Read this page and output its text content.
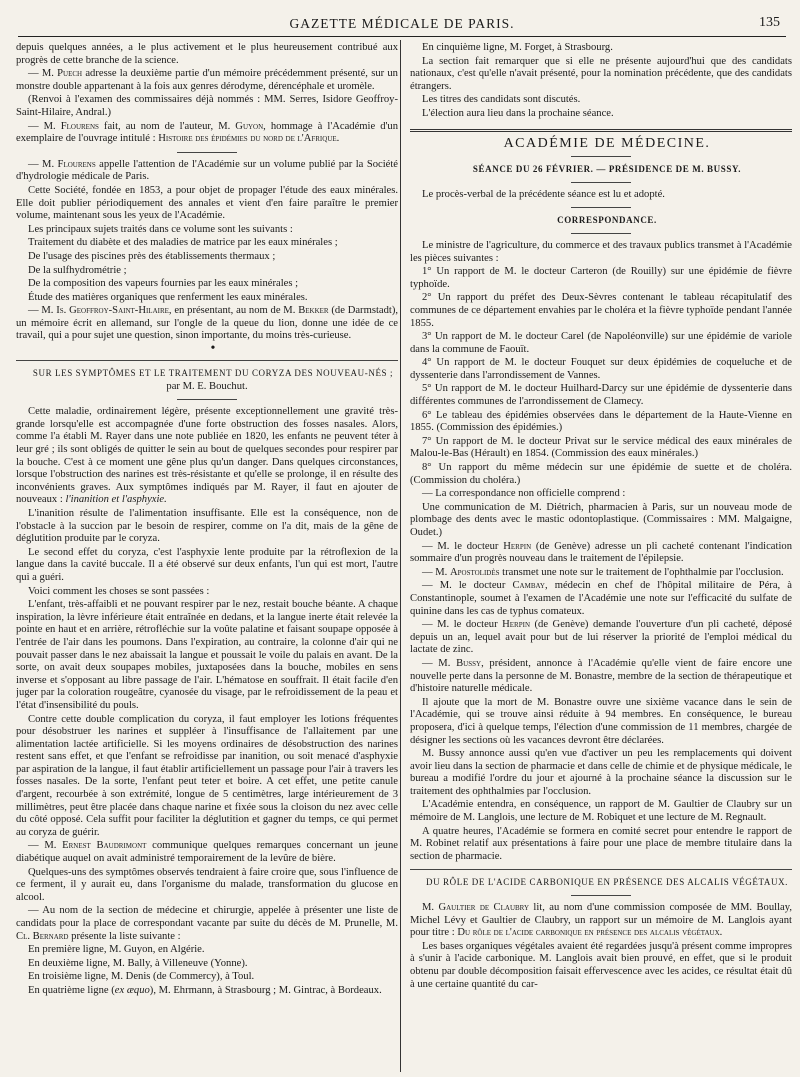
GAZETTE MÉDICALE DE PARIS.	135

depuis quelques années, a le plus activement et le plus heureusement contribué aux progrès de cette branche de la science.

— M. Puech adresse la deuxième partie d'un mémoire précédemment présenté, sur un monstre double appartenant à la fois aux genres dérodyme, dérencéphale et uromèle.

(Renvoi à l'examen des commissaires déjà nommés : MM. Serres, Isidore Geoffroy-Saint-Hilaire, Andral.)

— M. Flourens fait, au nom de l'auteur, M. Guyon, hommage à l'Académie d'un exemplaire de l'ouvrage intitulé : Histoire des épidémies du nord de l'Afrique.

— M. Flourens appelle l'attention de l'Académie sur un volume publié par la Société d'hydrologie médicale de Paris.

Cette Société, fondée en 1853, a pour objet de propager l'étude des eaux minérales. Elle doit publier périodiquement des annales et vient d'en faire paraître le premier volume, maintenant sous les yeux de l'Académie.

Les principaux sujets traités dans ce volume sont les suivants :

Traitement du diabète et des maladies de matrice par les eaux minérales ;

De l'usage des piscines près des établissements thermaux ;

De la sulfhydrométrie ;

De la composition des vapeurs fournies par les eaux minérales ;

Étude des matières organiques que renferment les eaux minérales.

— M. Is. Geoffroy-Saint-Hilaire, en présentant, au nom de M. Bekker (de Darmstadt), un mémoire écrit en allemand, sur l'ongle de la queue du lion, donne une idée de ce travail, qui a pour sujet une question, sinon importante, du moins très-curieuse.

•

SUR LES SYMPTÔMES ET LE TRAITEMENT DU CORYZA DES NOUVEAU-NÉS ;

par M. E. Bouchut.

Cette maladie, ordinairement légère, présente exceptionnellement une gravité très-grande lorsqu'elle est accompagnée d'une forte obstruction des fosses nasales. Alors, comme l'a établi M. Rayer dans une note publiée en 1820, les enfants ne peuvent téter à leur gré ; ils sont obligés de quitter le sein au bout de quelques secondes pour respirer par la bouche. C'est à ce moment une gêne plus qu'un danger. Dans quelques circonstances, lorsque l'obstruction des narines est très-résistante et qu'elle se prolonge, il en résulte des inconvénients graves. Aux symptômes indiqués par M. Rayer, il faut en ajouter de nouveaux : l'inanition et l'asphyxie.

L'inanition résulte de l'alimentation insuffisante. Elle est la conséquence, non de l'obstacle à la succion par le besoin de respirer, comme on l'a dit, mais de la gêne de déglutition produite par le coryza.

Le second effet du coryza, c'est l'asphyxie lente produite par la rétroflexion de la langue dans la cavité buccale. Il a été observé sur deux enfants, l'un qui est mort, l'autre qui a guéri.

Voici comment les choses se sont passées :

L'enfant, très-affaibli et ne pouvant respirer par le nez, restait bouche béante. A chaque inspiration, la lèvre inférieure était entraînée en dedans, et la langue inerte était relevée la pointe en haut et en arrière, rétrofléchie sur la voûte palatine et faisant soupape opposée à l'entrée de l'air dans les poumons. Dans l'expiration, au contraire, la colonne d'air qui ne pouvait passer dans le nez abaissait la langue et poussait le voile du palais en avant. De la sorte, on avait deux soupapes mobiles, juxtaposées dans la bouche, mobiles en sens inverse et s'opposant au libre passage de l'air. L'hématose en souffrait. Il était facile d'en juger par la coloration rougeâtre, cyanosée du visage, par le refroidissement de la peau et l'état d'insensibilité du pouls.

Contre cette double complication du coryza, il faut employer les lotions fréquentes pour désobstruer les narines et suppléer à l'insuffisance de l'allaitement par une alimentation lactée artificielle. Si les moyens ordinaires de désobstruction des narines restent sans effet, et que l'enfant se refroidisse par inanition, ou soit menacé d'asphyxie par aspiration de la langue, il faut établir artificiellement un passage pour l'air à travers les fosses nasales. De la sorte, l'enfant peut teter et boire. A cet effet, une petite canule d'argent, recourbée à son extrémité, longue de 5 centimètres, large intérieurement de 3 millimètres, peut être placée dans chaque narine et fixée sous la cloison du nez avec celle du côté opposé. Cela suffit pour faciliter la déglutition et gagner du temps, ce qui permet au coryza de guérir.

— M. Ernest Baudrimont communique quelques remarques concernant un jeune diabétique auquel on avait administré temporairement de la levûre de bière.

Quelques-uns des symptômes observés tendraient à faire croire que, sous l'influence de ce ferment, il y aurait eu, dans l'organisme du malade, transformation du glucose en alcool.

— Au nom de la section de médecine et chirurgie, appelée à présenter une liste de candidats pour la place de correspondant vacante par suite du décès de M. Prunelle, M. Cl. Bernard présente la liste suivante :

En première ligne, M. Guyon, en Algérie.

En deuxième ligne, M. Bally, à Villeneuve (Yonne).

En troisième ligne, M. Denis (de Commercy), à Toul.

En quatrième ligne (ex æquo), M. Ehrmann, à Strasbourg ; M. Gintrac, à Bordeaux.

En cinquième ligne, M. Forget, à Strasbourg.

La section fait remarquer que si elle ne présente aujourd'hui que des candidats nationaux, c'est qu'elle n'avait présenté, pour la nomination précédente, que des candidats étrangers.

Les titres des candidats sont discutés.

L'élection aura lieu dans la prochaine séance.

ACADÉMIE DE MÉDECINE.

SÉANCE DU 26 FÉVRIER. — PRÉSIDENCE DE M. BUSSY.

Le procès-verbal de la précédente séance est lu et adopté.

CORRESPONDANCE.

Le ministre de l'agriculture, du commerce et des travaux publics transmet à l'Académie les pièces suivantes :

1° Un rapport de M. le docteur Carteron (de Rouilly) sur une épidémie de fièvre typhoïde.

2° Un rapport du préfet des Deux-Sèvres contenant le tableau récapitulatif des communes de ce département envahies par le choléra et la fièvre typhoïde pendant l'année 1855.

3° Un rapport de M. le docteur Carel (de Napoléonville) sur une épidémie de variole dans la commune de Faouït.

4° Un rapport de M. le docteur Fouquet sur deux épidémies de coqueluche et de dyssenterie dans l'arrondissement de Vannes.

5° Un rapport de M. le docteur Huilhard-Darcy sur une épidémie de dyssenterie dans différentes communes de l'arrondissement de Clamecy.

6° Le tableau des épidémies observées dans le département de la Haute-Vienne en 1855. (Commission des épidémies.)

7° Un rapport de M. le docteur Privat sur le service médical des eaux minérales de Malou-le-Bas (Hérault) en 1854. (Commission des eaux minérales.)

8° Un rapport du même médecin sur une épidémie de suette et de choléra. (Commission du choléra.)

— La correspondance non officielle comprend :

Une communication de M. Diétrich, pharmacien à Paris, sur un nouveau mode de plombage des dents avec le mastic odontoplastique. (Commissaires : MM. Malgaigne, Oudet.)

— M. le docteur Herpin (de Genève) adresse un pli cacheté contenant l'indication sommaire d'un progrès nouveau dans le traitement de l'épilepsie.

— M. Apostolidès transmet une note sur le traitement de l'ophthalmie par l'occlusion.

— M. le docteur Cambay, médecin en chef de l'hôpital militaire de Péra, à Constantinople, soumet à l'examen de l'Académie une note sur l'efficacité du sulfate de quinine dans les cas de typhus comateux.

— M. le docteur Herpin (de Genève) demande l'ouverture d'un pli cacheté, déposé depuis un an, lequel avait pour but de lui réserver la priorité de l'emploi médical du lactate de zinc.

— M. Bussy, président, annonce à l'Académie qu'elle vient de faire encore une nouvelle perte dans la personne de M. Bonastre, membre de la section de thérapeutique et d'histoire naturelle médicale.

Il ajoute que la mort de M. Bonastre ouvre une sixième vacance dans le sein de l'Académie, qui se trouve ainsi réduite à 94 membres. En conséquence, le bureau proposera, d'ici à quelque temps, l'élection d'une commission de 11 membres, chargée de désigner les sections où les vacances devront être déclarées.

M. Bussy annonce aussi qu'en vue d'activer un peu les remplacements qui doivent avoir lieu dans la section de pharmacie et dans celle de chimie et de physique médicale, le bureau a modifié l'ordre du jour et ajourné à la prochaine séance la discussion sur le traitement des ophthalmies par l'occlusion.

L'Académie entendra, en conséquence, un rapport de M. Gaultier de Claubry sur un mémoire de M. Langlois, une lecture de M. Robiquet et une lecture de M. Regnault.

A quatre heures, l'Académie se formera en comité secret pour entendre le rapport de M. Robinet relatif aux présentations à faire pour une place de membre titulaire dans la section de pharmacie.

DU RÔLE DE L'ACIDE CARBONIQUE EN PRÉSENCE DES ALCALIS VÉGÉTAUX.

M. Gaultier de Claubry lit, au nom d'une commission composée de MM. Boullay, Michel Lévy et Gaultier de Claubry, un rapport sur un mémoire de M. Langlois ayant pour titre : Du rôle de l'acide carbonique en présence des alcalis végétaux.

Les bases organiques végétales avaient été regardées jusqu'à présent comme impropres à s'unir à l'acide carbonique. M. Langlois avait bien prouvé, en effet, que si le produit obtenu par double décomposition faisait effervescence avec les acides, ce résultat était dû à une certaine quantité du car-
